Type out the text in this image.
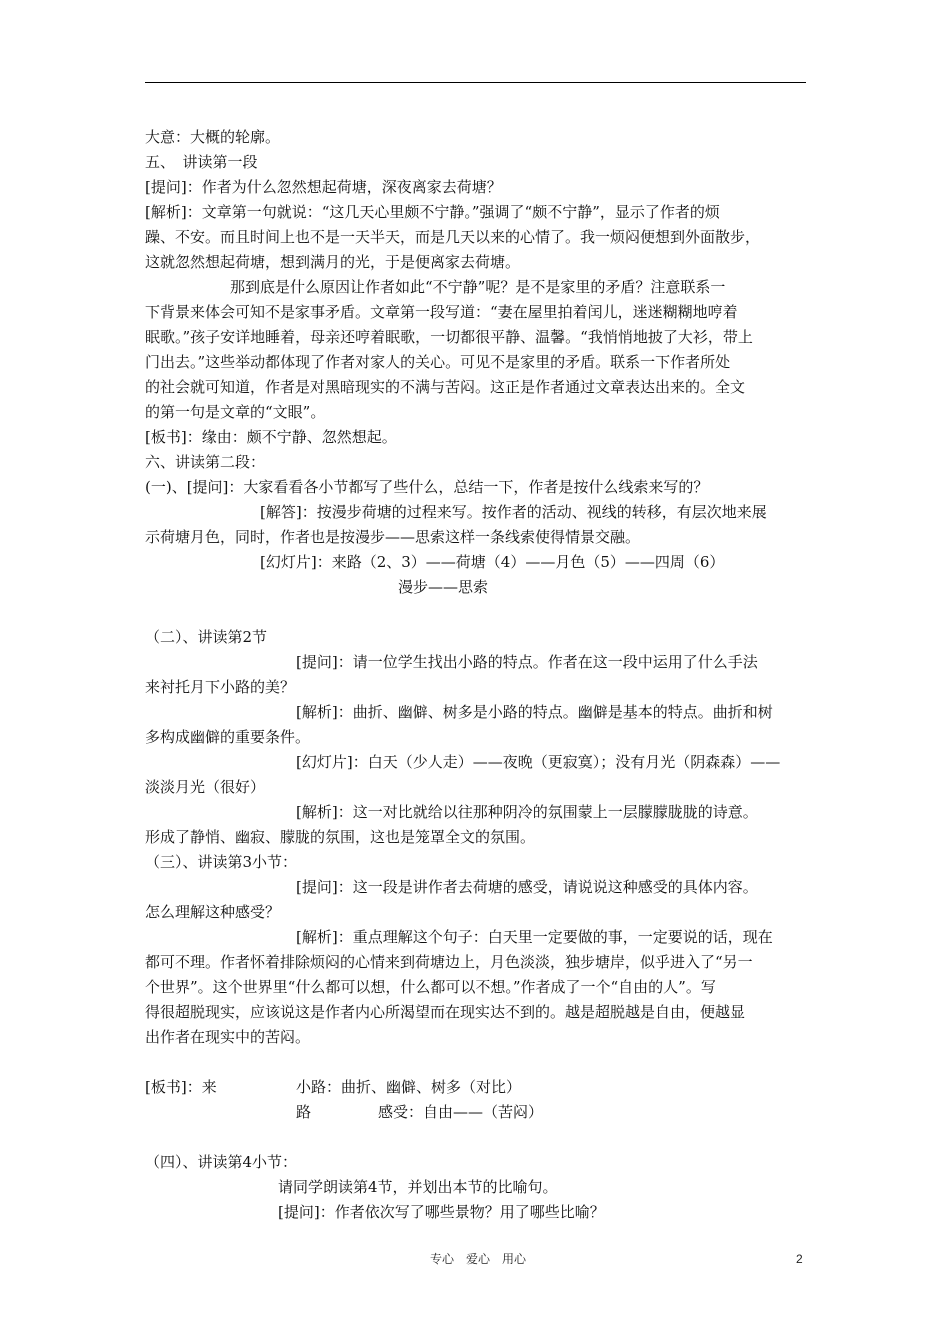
大意：大概的轮廓。
五、　讲读第一段
[提问]：作者为什么忽然想起荷塘，深夜离家去荷塘？
[解析]：文章第一句就说：“这几天心里颇不宁静。”强调了“颇不宁静”，显示了作者的烦
躁、不安。而且时间上也不是一天半天，而是几天以来的心情了。我一烦闷便想到外面散步，
这就忽然想起荷塘，想到满月的光，于是便离家去荷塘。
那到底是什么原因让作者如此“不宁静”呢？是不是家里的矛盾？注意联系一
下背景来体会可知不是家事矛盾。文章第一段写道：“妻在屋里拍着闰儿，迷迷糊糊地哼着
眠歌。”孩子安详地睡着，母亲还哼着眠歌，一切都很平静、温馨。“我悄悄地披了大衫，带上
门出去。”这些举动都体现了作者对家人的关心。可见不是家里的矛盾。联系一下作者所处
的社会就可知道，作者是对黑暗现实的不满与苦闷。这正是作者通过文章表达出来的。全文
的第一句是文章的“文眼”。
[板书]：缘由：颇不宁静、忽然想起。
六、讲读第二段：
(一)、[提问]：大家看看各小节都写了些什么，总结一下，作者是按什么线索来写的？
[解答]：按漫步荷塘的过程来写。按作者的活动、视线的转移，有层次地来展
示荷塘月色，同时，作者也是按漫步——思索这样一条线索使得情景交融。
[幻灯片]：来路（2、3）——荷塘（4）——月色（5）——四周（6）
漫步——思索
（二）、讲读第2节
[提问]：请一位学生找出小路的特点。作者在这一段中运用了什么手法
来衬托月下小路的美？
[解析]：曲折、幽僻、树多是小路的特点。幽僻是基本的特点。曲折和树
多构成幽僻的重要条件。
[幻灯片]：白天（少人走）——夜晚（更寂寞）；没有月光（阴森森）——
淡淡月光（很好）
[解析]：这一对比就给以往那种阴冷的氛围蒙上一层朦朦胧胧的诗意。
形成了静悄、幽寂、朦胧的氛围，这也是笼罩全文的氛围。
（三）、讲读第3小节：
[提问]：这一段是讲作者去荷塘的感受，请说说这种感受的具体内容。
怎么理解这种感受？
[解析]：重点理解这个句子：白天里一定要做的事，一定要说的话，现在
都可不理。作者怀着排除烦闷的心情来到荷塘边上，月色淡淡，独步塘岸，似乎进入了“另一
个世界”。这个世界里“什么都可以想，什么都可以不想。”作者成了一个“自由的人”。写
得很超脱现实，应该说这是作者内心所渴望而在现实达不到的。越是超脱越是自由，便越显
出作者在现实中的苦闷。
[板书]：来	小路：曲折、幽僻、树多（对比）
路	感受：自由——（苦闷）
（四）、讲读第4小节：
请同学朗读第4节，并划出本节的比喻句。
[提问]：作者依次写了哪些景物？用了哪些比喻？
专心　爱心　用心	2
